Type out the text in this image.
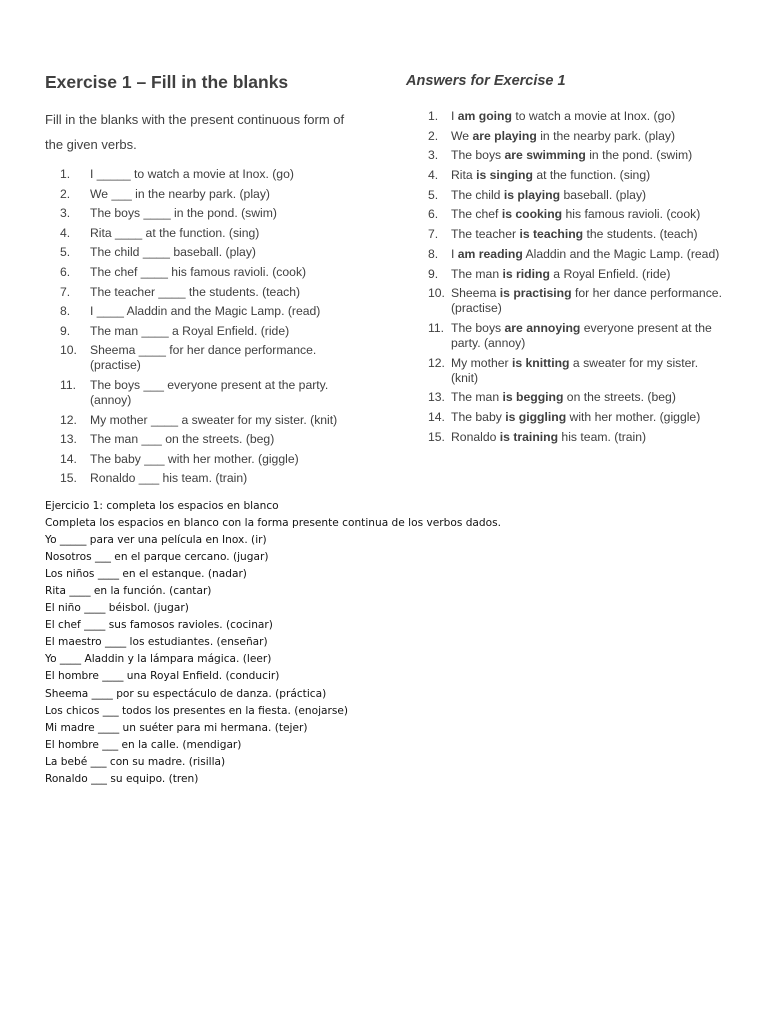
Exercise 1 – Fill in the blanks

Fill in the blanks with the present continuous form of the given verbs.

1.	I _____ to watch a movie at Inox. (go)
2.	We ___ in the nearby park. (play)
3.	The boys ____ in the pond. (swim)
4.	Rita ____ at the function. (sing)
5.	The child ____ baseball. (play)
6.	The chef ____ his famous ravioli. (cook)
7.	The teacher ____ the students. (teach)
8.	I ____ Aladdin and the Magic Lamp. (read)
9.	The man ____ a Royal Enfield. (ride)
10.	Sheema ____ for her dance performance. (practise)
11.	The boys ___ everyone present at the party. (annoy)
12.	My mother ____ a sweater for my sister. (knit)
13.	The man ___ on the streets. (beg)
14.	The baby ___ with her mother. (giggle)
15.	Ronaldo ___ his team. (train)
Answers for Exercise 1
1.	I am going to watch a movie at Inox. (go)
2.	We are playing in the nearby park. (play)
3.	The boys are swimming in the pond. (swim)
4.	Rita is singing at the function. (sing)
5.	The child is playing baseball. (play)
6.	The chef is cooking his famous ravioli. (cook)
7.	The teacher is teaching the students. (teach)
8.	I am reading Aladdin and the Magic Lamp. (read)
9.	The man is riding a Royal Enfield. (ride)
10. Sheema is practising for her dance performance. (practise)
11. The boys are annoying everyone present at the party. (annoy)
12. My mother is knitting a sweater for my sister. (knit)
13. The man is begging on the streets. (beg)
14. The baby is giggling with her mother. (giggle)
15. Ronaldo is training his team. (train)
Ejercicio 1: completa los espacios en blanco
Completa los espacios en blanco con la forma presente continua de los verbos dados.
Yo _____ para ver una película en Inox. (ir)
Nosotros ___ en el parque cercano. (jugar)
Los niños ____ en el estanque. (nadar)
Rita ____ en la función. (cantar)
El niño ____ béisbol. (jugar)
El chef ____ sus famosos ravioles. (cocinar)
El maestro ____ los estudiantes. (enseñar)
Yo ____ Aladdin y la lámpara mágica. (leer)
El hombre ____ una Royal Enfield. (conducir)
Sheema ____ por su espectáculo de danza. (práctica)
Los chicos ___ todos los presentes en la fiesta. (enojarse)
Mi madre ____ un suéter para mi hermana. (tejer)
El hombre ___ en la calle. (mendigar)
La bebé ___ con su madre. (risilla)
Ronaldo ___ su equipo. (tren)
